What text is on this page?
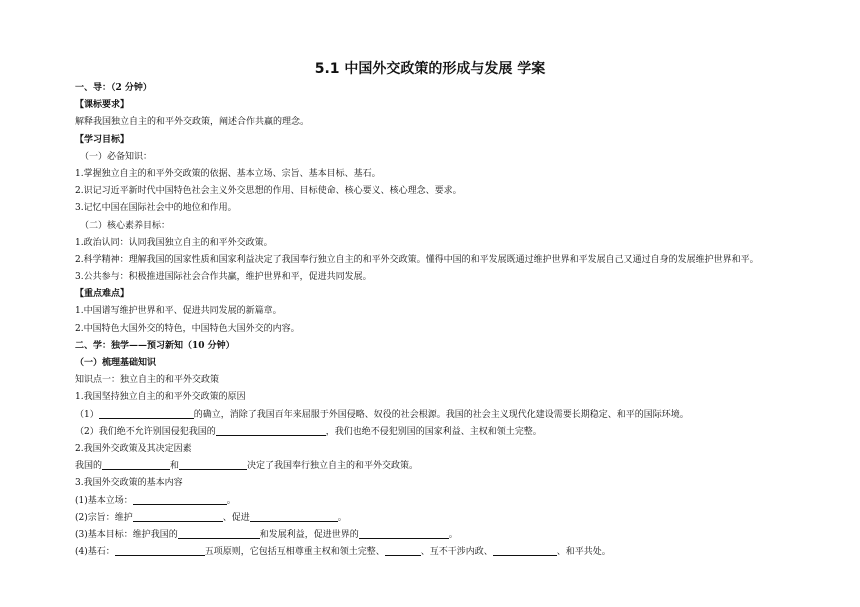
5.1 中国外交政策的形成与发展 学案
一、导：（2 分钟）
【课标要求】
解释我国独立自主的和平外交政策，阐述合作共赢的理念。
【学习目标】
（一）必备知识：
1.掌握独立自主的和平外交政策的依据、基本立场、宗旨、基本目标、基石。
2.识记习近平新时代中国特色社会主义外交思想的作用、目标使命、核心要义、核心理念、要求。
3.记忆中国在国际社会中的地位和作用。
（二）核心素养目标：
1.政治认同：认同我国独立自主的和平外交政策。
2.科学精神：理解我国的国家性质和国家利益决定了我国奉行独立自主的和平外交政策。懂得中国的和平发展既通过维护世界和平发展自己又通过自身的发展维护世界和平。
3.公共参与：积极推进国际社会合作共赢，维护世界和平，促进共同发展。
【重点难点】
1.中国谱写维护世界和平、促进共同发展的新篇章。
2.中国特色大国外交的特色，中国特色大国外交的内容。
二、学：独学——预习新知（10 分钟）
（一）梳理基础知识
知识点一：独立自主的和平外交政策
1.我国坚持独立自主的和平外交政策的原因
（1）	的确立，消除了我国百年来屈服于外国侵略、奴役的社会根源。我国的社会主义现代化建设需要长期稳定、和平的国际环境。
（2）我们绝不允许别国侵犯我国的	，我们也绝不侵犯别国的国家利益、主权和领土完整。
2.我国外交政策及其决定因素
我国的	和	决定了我国奉行独立自主的和平外交政策。
3.我国外交政策的基本内容
(1)基本立场：	。
(2)宗旨：维护	、促进	。
(3)基本目标：维护我国的	和发展利益，促进世界的	。
(4)基石：	五项原则，它包括互相尊重主权和领土完整、	、互不干涉内政、	、和平共处。
